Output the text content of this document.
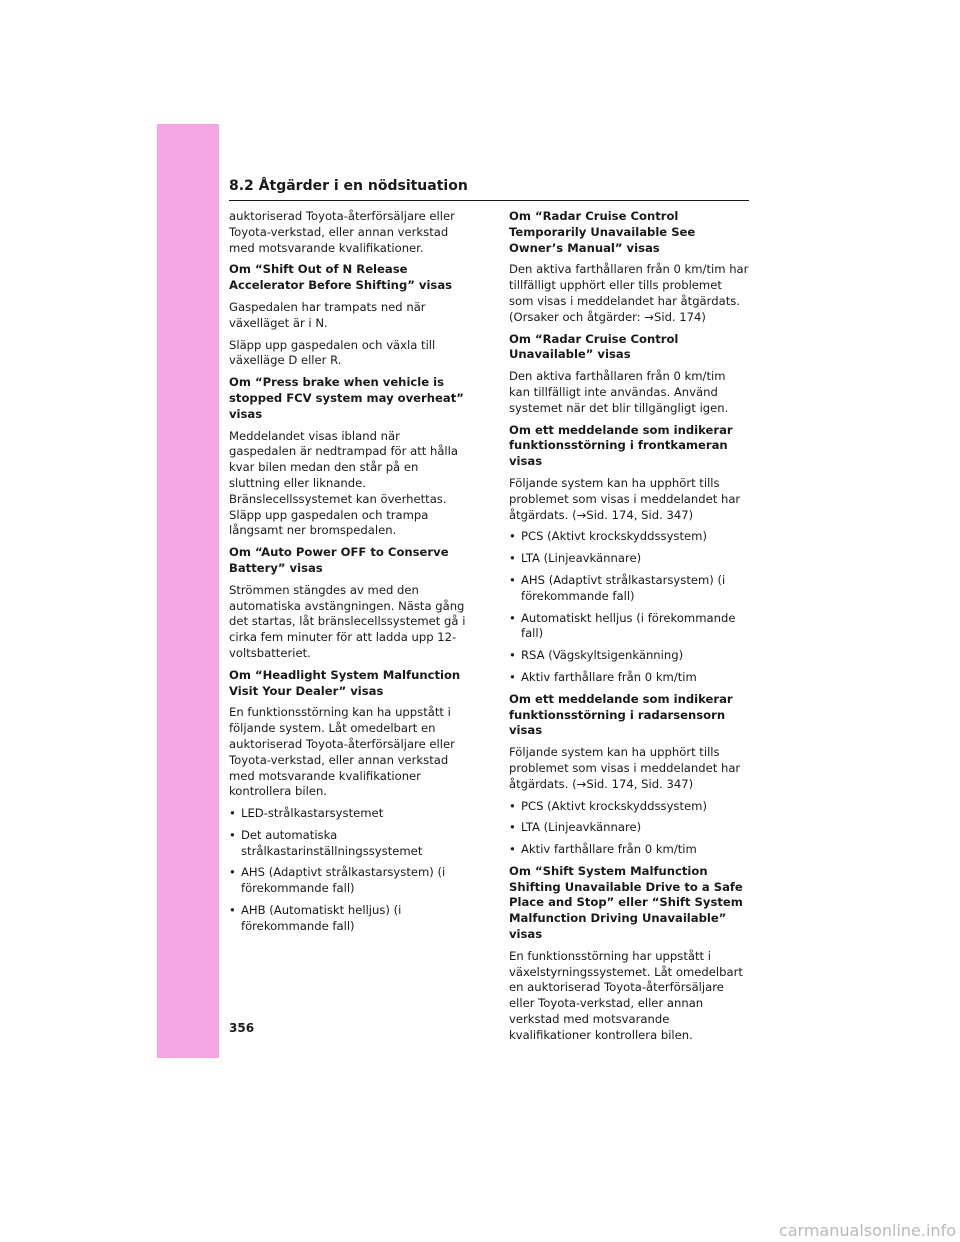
8.2 Åtgärder i en nödsituation

auktoriserad Toyota-återförsäljare eller Toyota-verkstad, eller annan verkstad med motsvarande kvalifikationer.

Om “Shift Out of N Release Accelerator Before Shifting” visas

Gaspedalen har trampats ned när växelläget är i N.

Släpp upp gaspedalen och växla till växelläge D eller R.

Om “Press brake when vehicle is stopped FCV system may overheat” visas

Meddelandet visas ibland när gaspedalen är nedtrampad för att hålla kvar bilen medan den står på en sluttning eller liknande. Bränslecellssystemet kan överhettas. Släpp upp gaspedalen och trampa långsamt ner bromspedalen.

Om “Auto Power OFF to Conserve Battery” visas

Strömmen stängdes av med den automatiska avstängningen. Nästa gång det startas, låt bränslecellssystemet gå i cirka fem minuter för att ladda upp 12-voltsbatteriet.

Om “Headlight System Malfunction Visit Your Dealer” visas

En funktionsstörning kan ha uppstått i följande system. Låt omedelbart en auktoriserad Toyota-återförsäljare eller Toyota-verkstad, eller annan verkstad med motsvarande kvalifikationer kontrollera bilen.

• LED-strålkastarsystemet
• Det automatiska strålkastarinställningssystemet
• AHS (Adaptivt strålkastarsystem) (i förekommande fall)
• AHB (Automatiskt helljus) (i förekommande fall)

Om “Radar Cruise Control Temporarily Unavailable See Owner’s Manual” visas

Den aktiva farthållaren från 0 km/tim har tillfälligt upphört eller tills problemet som visas i meddelandet har åtgärdats. (Orsaker och åtgärder: →Sid. 174)

Om “Radar Cruise Control Unavailable” visas

Den aktiva farthållaren från 0 km/tim kan tillfälligt inte användas. Använd systemet när det blir tillgängligt igen.

Om ett meddelande som indikerar funktionsstörning i frontkameran visas

Följande system kan ha upphört tills problemet som visas i meddelandet har åtgärdats. (→Sid. 174, Sid. 347)

• PCS (Aktivt krockskyddssystem)
• LTA (Linjeavkännare)
• AHS (Adaptivt strålkastarsystem) (i förekommande fall)
• Automatiskt helljus (i förekommande fall)
• RSA (Vägskyltsigenkänning)
• Aktiv farthållare från 0 km/tim

Om ett meddelande som indikerar funktionsstörning i radarsensorn visas

Följande system kan ha upphört tills problemet som visas i meddelandet har åtgärdats. (→Sid. 174, Sid. 347)

• PCS (Aktivt krockskyddssystem)
• LTA (Linjeavkännare)
• Aktiv farthållare från 0 km/tim

Om “Shift System Malfunction Shifting Unavailable Drive to a Safe Place and Stop” eller “Shift System Malfunction Driving Unavailable” visas

En funktionsstörning har uppstått i växelstyrningssystemet. Låt omedelbart en auktoriserad Toyota-återförsäljare eller Toyota-verkstad, eller annan verkstad med motsvarande kvalifikationer kontrollera bilen.

356
carmanualsonline.info
